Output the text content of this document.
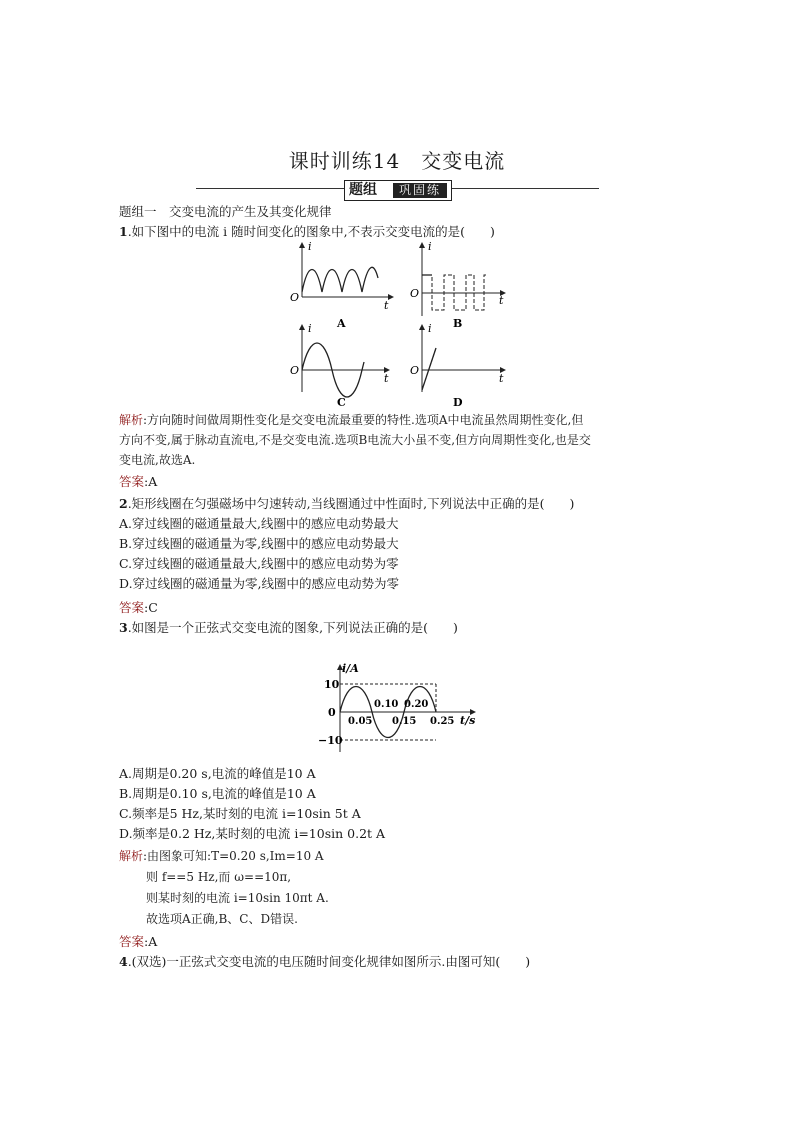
课时训练14　交变电流
题组	巩固练
题组一　交变电流的产生及其变化规律
1.如下图中的电流 i 随时间变化的图象中,不表示交变电流的是(　　)
i
O
t
A
i
O
t
B
i
O
t
C
i
O
t
D
解析:方向随时间做周期性变化是交变电流最重要的特性.选项A中电流虽然周期性变化,但
方向不变,属于脉动直流电,不是交变电流.选项B电流大小虽不变,但方向周期性变化,也是交
变电流,故选A.
答案:A
2.矩形线圈在匀强磁场中匀速转动,当线圈通过中性面时,下列说法中正确的是(　　)
A.穿过线圈的磁通量最大,线圈中的感应电动势最大
B.穿过线圈的磁通量为零,线圈中的感应电动势最大
C.穿过线圈的磁通量最大,线圈中的感应电动势为零
D.穿过线圈的磁通量为零,线圈中的感应电动势为零
答案:C
3.如图是一个正弦式交变电流的图象,下列说法正确的是(　　)
i/A
10
0
−10
0.05 0.15 0.25
0.10 0.20
t/s
A.周期是0.20 s,电流的峰值是10 A
B.周期是0.10 s,电流的峰值是10 A
C.频率是5 Hz,某时刻的电流 i=10sin 5t A
D.频率是0.2 Hz,某时刻的电流 i=10sin 0.2t A
解析:由图象可知:T=0.20 s,Im=10 A
则 f==5 Hz,而 ω==10π,
则某时刻的电流 i=10sin 10πt A.
故选项A正确,B、C、D错误.
答案:A
4.(双选)一正弦式交变电流的电压随时间变化规律如图所示.由图可知(　　)
